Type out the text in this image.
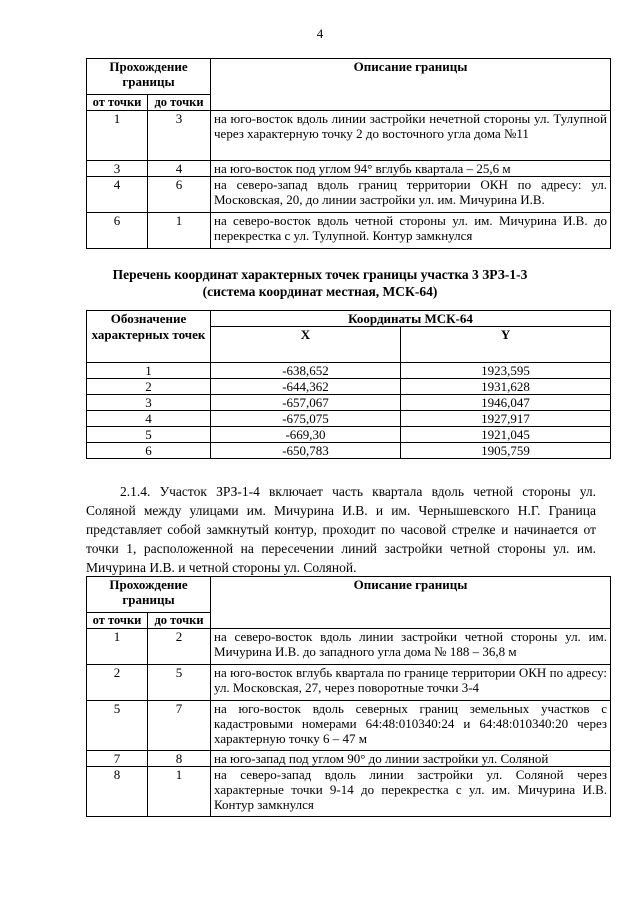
4
Прохождение границы		Описание границы
от точки	до точки	
1	3	на юго-восток вдоль линии застройки нечетной стороны ул. Тулупной через характерную точку 2 до восточного угла дома №11
3	4	на юго-восток под углом 94° вглубь квартала – 25,6 м
4	6	на северо-запад вдоль границ территории ОКН по адресу: ул. Московская, 20, до линии застройки ул. им. Мичурина И.В.
6	1	на северо-восток вдоль четной стороны ул. им. Мичурина И.В. до перекрестка с ул. Тулупной. Контур замкнулся
Перечень координат характерных точек границы участка 3 ЗРЗ-1-3
(система координат местная, МСК-64)
Обозначение характерных точек	Координаты МСК-64	
	X	Y
1	-638,652	1923,595
2	-644,362	1931,628
3	-657,067	1946,047
4	-675,075	1927,917
5	-669,30	1921,045
6	-650,783	1905,759
2.1.4. Участок ЗРЗ-1-4 включает часть квартала вдоль четной стороны ул. Соляной между улицами им. Мичурина И.В. и им. Чернышевского Н.Г. Граница представляет собой замкнутый контур, проходит по часовой стрелке и начинается от точки 1, расположенной на пересечении линий застройки четной стороны ул. им. Мичурина И.В. и четной стороны ул. Соляной.
Прохождение границы		Описание границы
от точки	до точки	
1	2	на северо-восток вдоль линии застройки четной стороны ул. им. Мичурина И.В. до западного угла дома № 188 – 36,8 м
2	5	на юго-восток вглубь квартала по границе территории ОКН по адресу: ул. Московская, 27, через поворотные точки 3-4
5	7	на юго-восток вдоль северных границ земельных участков с кадастровыми номерами 64:48:010340:24 и 64:48:010340:20 через характерную точку 6 – 47 м
7	8	на юго-запад под углом 90° до линии застройки ул. Соляной
8	1	на северо-запад вдоль линии застройки ул. Соляной через характерные точки 9-14 до перекрестка с ул. им. Мичурина И.В. Контур замкнулся
